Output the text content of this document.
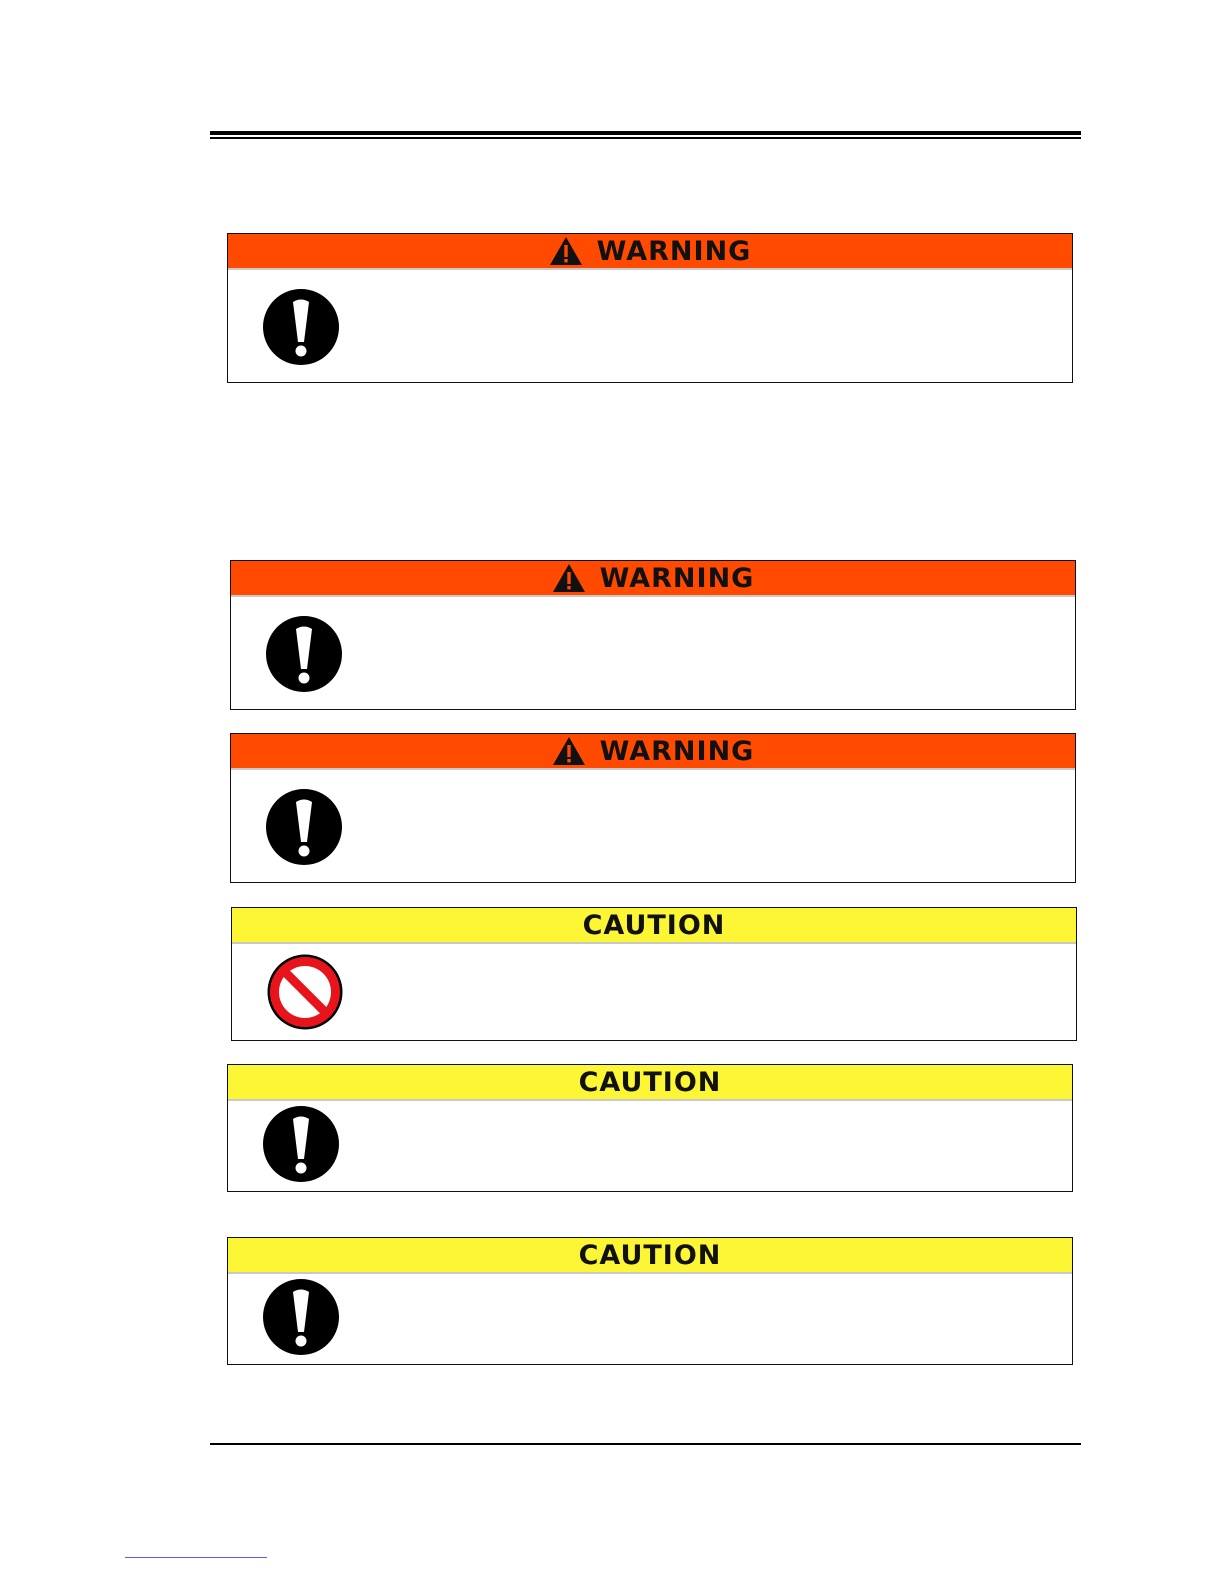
WARNING
WARNING
WARNING
CAUTION
CAUTION
CAUTION
